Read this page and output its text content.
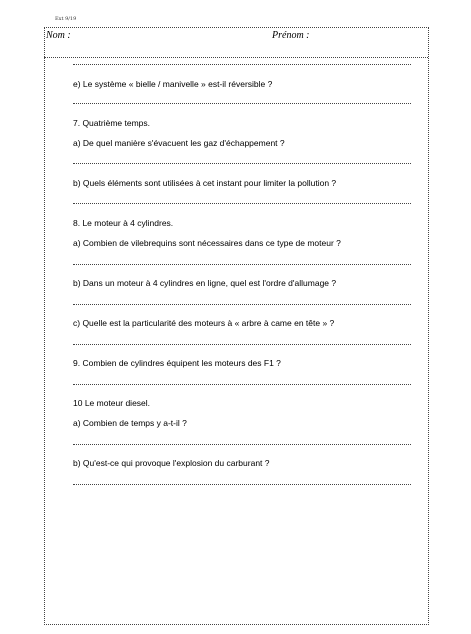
Ext 9/19
Nom :	Prénom :
e) Le système « bielle / manivelle » est-il réversible ?
7. Quatrième temps.
a) De quel manière s'évacuent les gaz d'échappement ?
b) Quels éléments sont utilisées à cet instant pour limiter la pollution ?
8. Le moteur à 4 cylindres.
a) Combien de vilebrequins sont nécessaires dans ce type de moteur ?
b) Dans un moteur à 4 cylindres en ligne, quel est l'ordre d'allumage ?
c) Quelle est la particularité des moteurs à « arbre à came en tête » ?
9. Combien de cylindres équipent les moteurs des F1 ?
10 Le moteur diesel.
a) Combien de temps y a-t-il ?
b) Qu'est-ce qui provoque l'explosion du carburant ?
